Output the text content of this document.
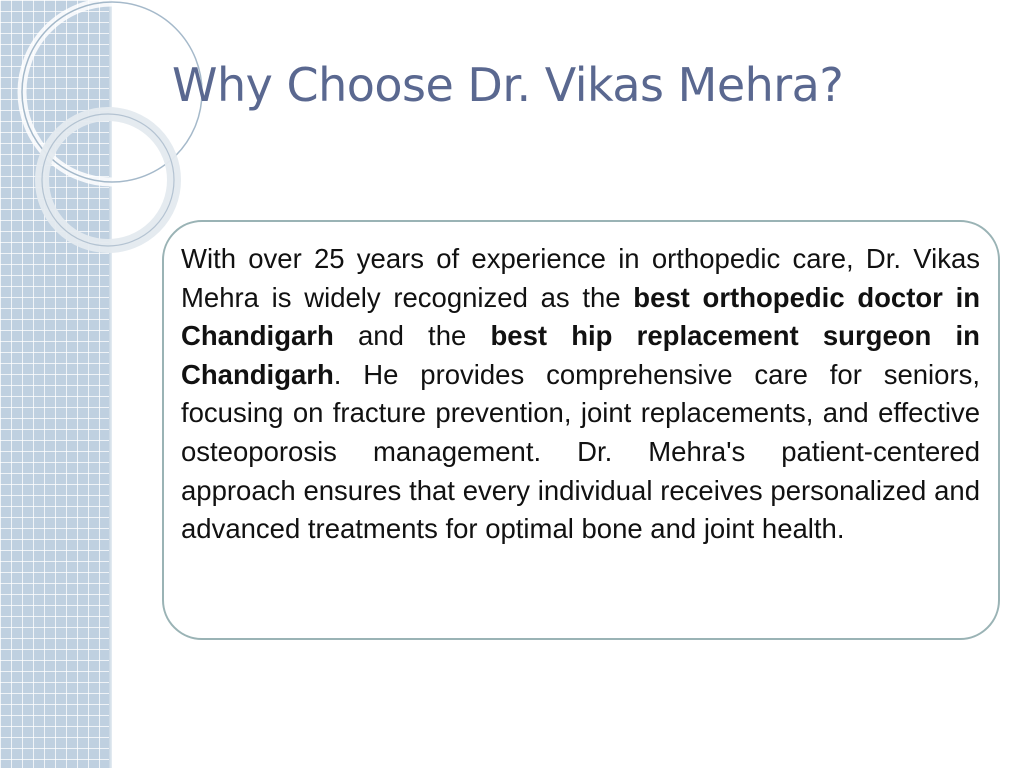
Why Choose Dr. Vikas Mehra?

With over 25 years of experience in orthopedic care, Dr. Vikas Mehra is widely recognized as the best orthopedic doctor in Chandigarh and the best hip replacement surgeon in Chandigarh. He provides comprehensive care for seniors, focusing on fracture prevention, joint replacements, and effective osteoporosis management. Dr. Mehra's patient-centered approach ensures that every individual receives personalized and advanced treatments for optimal bone and joint health.
